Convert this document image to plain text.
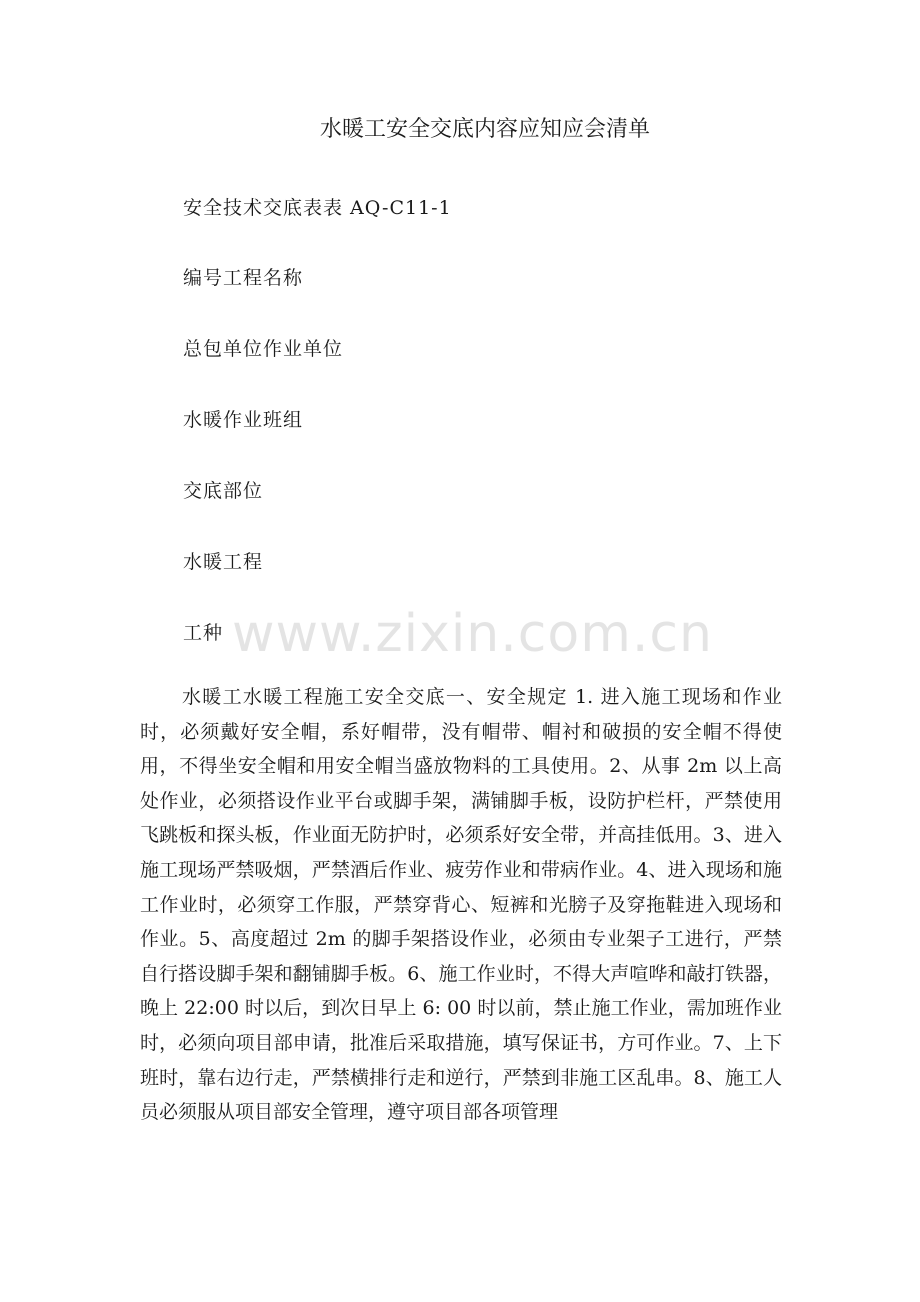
水暖工安全交底内容应知应会清单
安全技术交底表表 AQ-C11-1
编号工程名称
总包单位作业单位
水暖作业班组
交底部位
水暖工程
工种 www.zixin.com.cn

水暖工水暖工程施工安全交底一、安全规定 1. 进入施工现场和作业时，必须戴好安全帽，系好帽带，没有帽带、帽衬和破损的安全帽不得使用，不得坐安全帽和用安全帽当盛放物料的工具使用。2、从事 2m 以上高处作业，必须搭设作业平台或脚手架，满铺脚手板，设防护栏杆，严禁使用飞跳板和探头板，作业面无防护时，必须系好安全带，并高挂低用。3、进入施工现场严禁吸烟，严禁酒后作业、疲劳作业和带病作业。4、进入现场和施工作业时，必须穿工作服，严禁穿背心、短裤和光膀子及穿拖鞋进入现场和作业。5、高度超过 2m 的脚手架搭设作业，必须由专业架子工进行，严禁自行搭设脚手架和翻铺脚手板。6、施工作业时，不得大声喧哗和敲打铁器，晚上 22:00 时以后，到次日早上 6: 00 时以前，禁止施工作业，需加班作业时，必须向项目部申请，批准后采取措施，填写保证书，方可作业。7、上下班时，靠右边行走，严禁横排行走和逆行，严禁到非施工区乱串。8、施工人员必须服从项目部安全管理，遵守项目部各项管理
